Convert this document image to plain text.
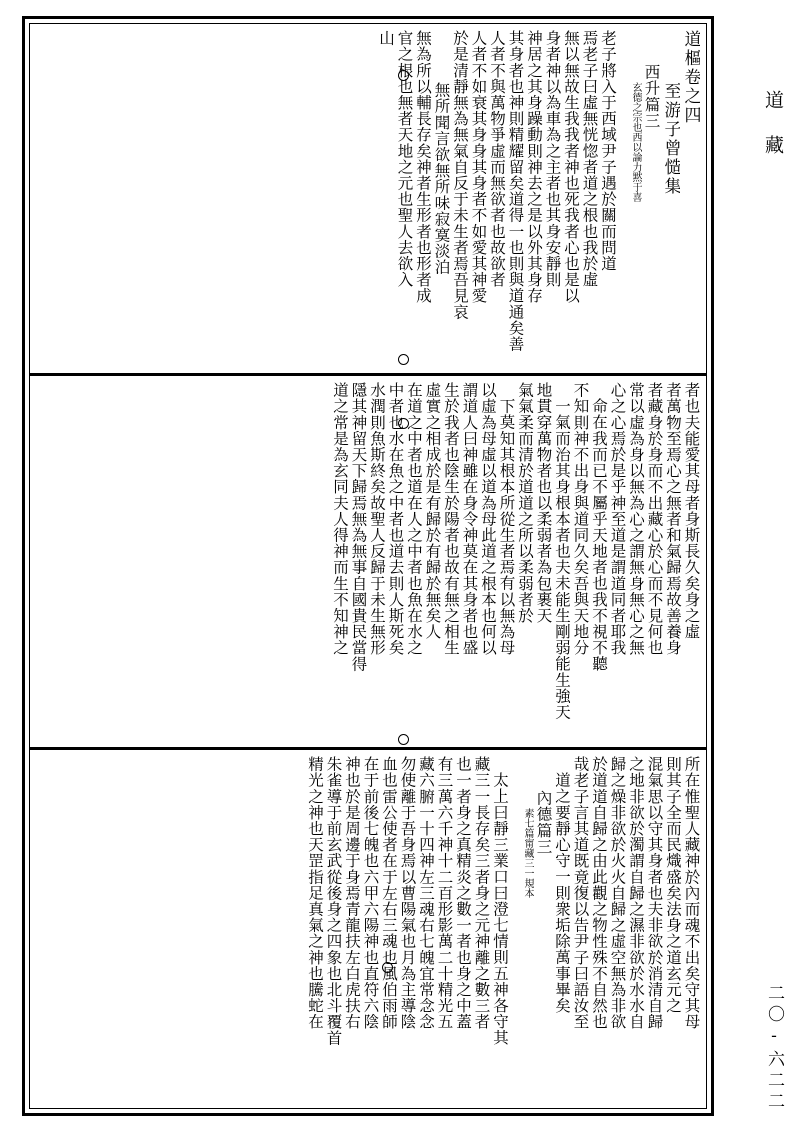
道樞卷之四
至游子曾慥集
西升篇三
玄德之宗也西以論力黙于喜
老子將入于西域尹子遇於關而問道
焉老子曰虛無恍惚者道之根也我於虛
無以無故生我我者神也死我者心也是以
身者神以為車為之主者也其身安靜則
神居之其身躁動則神去之是以外其身存
其身者也神則精耀留矣道得一也則與道通矣善
人者不與萬物爭虛而無欲者也故欲者
人者不如衰其身身其身者不如愛其神愛
於是清靜無為無氣自反于未生者焉吾見哀
無所聞言欲無所味寂寞淡泊
無為所以輔長存矣神者生形者也形者成
官之根也無者天地之元也聖人去欲入
山
者也夫能愛其母者身斯長久矣身之虛
者萬物至焉心之無者和氣歸焉故善養身
者藏身於身而不出藏心於心而不見何也
常以虛為身以無為心之謂無身無心之無
心之心焉於是乎神至道是謂道同者耶我
命在我而已不屬乎天地者也我不視不聽
不知則神不出身與道同久矣吾與天地分
一氣而治其身根本者也夫未能生剛弱能生強天
地貫穿萬物者也以柔弱者為包裹天
氣氣柔而清於道道之所以柔弱者於
下莫知其根本所從生者焉有以無為母
以虛為母虛以道為母此道之根本也何以
謂道人曰神雖在身令神莫在其身者也盛
生於我者也陰生於陽者也故有無之相生
虛實之相成於是有歸於有歸於無矣人
在道之中者也道在人之中者也魚在水之
中者也水在魚之中者也道去則人斯死矣
水潤則魚斯終矣故聖人反歸于未生無形
隱其神留天下歸焉無為無事自國貴民當得
道之常是為玄同夫人得神而生不知神之
所在惟聖人藏神於內而魂不出矣守其母
則其子全而民熾盛矣法身之道玄元之
混氣思以守其身者也夫非欲於消清自歸
之地非欲於濁謂自歸之濕非欲於水水自
歸之燥非欲於火火自歸之虛空無為非欲
於道道自歸之由此觀之物性殊不自然也
哉老子言其道既竟復以告尹子曰語汝至
道之要靜心守一則衆垢除萬事畢矣
內德篇三
素七篇甯藏三一規本
太上曰靜三業口曰澄七情則五神各守其
藏三一長存矣三者身之元神離之數三者
也一者身之真精炎之數一者也身之中蓋
有三萬六千神十二百形影萬二十精光五
藏六腑一十四神左三魂右七魄宜常念念
勿使離于吾身焉以曹陽氣也月為主導陰
血也雷公使者在于左右三魂也風伯雨師
在于前後七魄也六甲六陽神也直符六陰
神也於是周邊于身焉青龍扶左白虎扶右
朱雀導于前玄武從後身之四象也北斗覆首
精光之神也天罡指足真氣之神也騰蛇在
道藏
二〇-六二二
